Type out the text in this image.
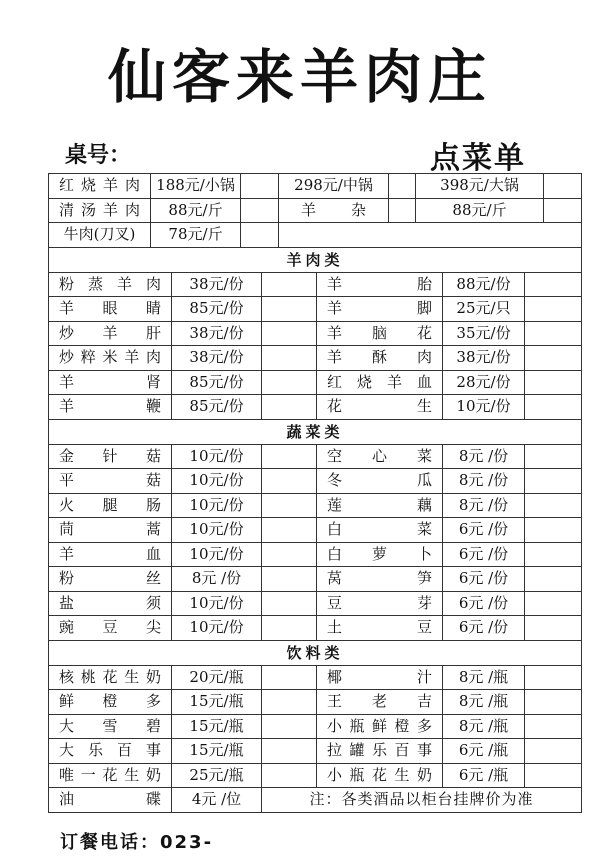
仙客来羊肉庄
桌号：	点菜单
红烧羊肉	188元/小锅	298元/中锅	398元/大锅
清汤羊肉	88元/斤	羊杂	88元/斤
牛肉(刀叉)	78元/斤
羊肉类
粉蒸羊肉	38元/份	羊胎	88元/份
羊眼睛	85元/份	羊脚	25元/只
炒羊肝	38元/份	羊脑花	35元/份
炒粹米羊肉	38元/份	羊酥肉	38元/份
羊肾	85元/份	红烧羊血	28元/份
羊鞭	85元/份	花生	10元/份
蔬菜类
金针菇	10元/份	空心菜	8元 /份
平菇	10元/份	冬瓜	8元 /份
火腿肠	10元/份	莲藕	8元 /份
茼蒿	10元/份	白菜	6元 /份
羊血	10元/份	白萝卜	6元 /份
粉丝	8元 /份	莴笋	6元 /份
盐须	10元/份	豆芽	6元 /份
豌豆尖	10元/份	土豆	6元 /份
饮料类
核桃花生奶	20元/瓶	椰汁	8元 /瓶
鲜橙多	15元/瓶	王老吉	8元 /瓶
大雪碧	15元/瓶	小瓶鲜橙多	8元 /瓶
大乐百事	15元/瓶	拉罐乐百事	6元 /瓶
唯一花生奶	25元/瓶	小瓶花生奶	6元 /瓶
油碟	4元 /位	注：各类酒品以柜台挂牌价为准
订餐电话：023-
